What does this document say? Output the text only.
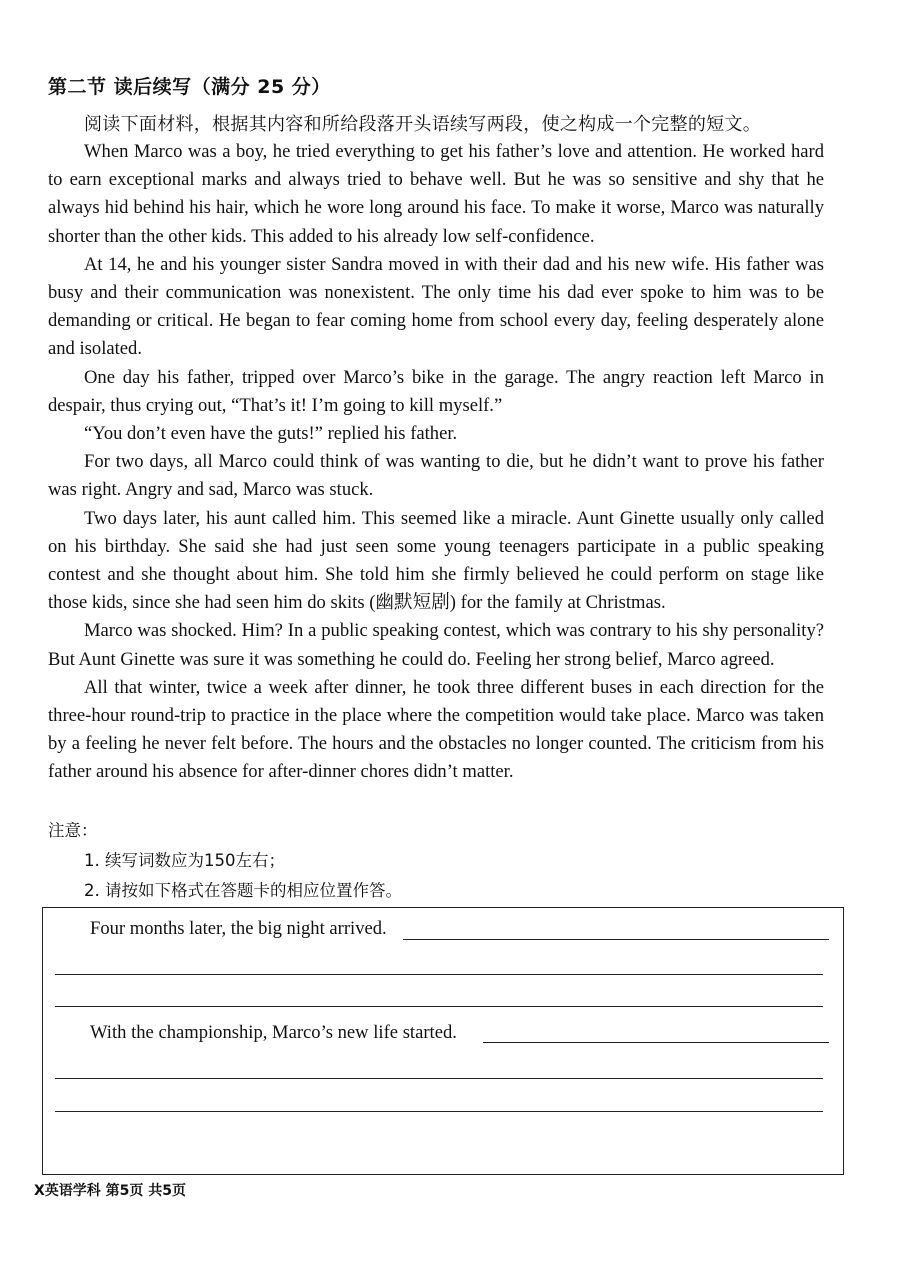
第二节 读后续写（满分 25 分）
阅读下面材料，根据其内容和所给段落开头语续写两段，使之构成一个完整的短文。

When Marco was a boy, he tried everything to get his father’s love and attention. He worked hard to earn exceptional marks and always tried to behave well. But he was so sensitive and shy that he always hid behind his hair, which he wore long around his face. To make it worse, Marco was naturally shorter than the other kids. This added to his already low self-confidence.

At 14, he and his younger sister Sandra moved in with their dad and his new wife. His father was busy and their communication was nonexistent. The only time his dad ever spoke to him was to be demanding or critical. He began to fear coming home from school every day, feeling desperately alone and isolated.

One day his father, tripped over Marco’s bike in the garage. The angry reaction left Marco in despair, thus crying out, “That’s it! I’m going to kill myself.”

“You don’t even have the guts!” replied his father.

For two days, all Marco could think of was wanting to die, but he didn’t want to prove his father was right. Angry and sad, Marco was stuck.

Two days later, his aunt called him. This seemed like a miracle. Aunt Ginette usually only called on his birthday. She said she had just seen some young teenagers participate in a public speaking contest and she thought about him. She told him she firmly believed he could perform on stage like those kids, since she had seen him do skits (幽默短剧) for the family at Christmas.

Marco was shocked. Him? In a public speaking contest, which was contrary to his shy personality? But Aunt Ginette was sure it was something he could do. Feeling her strong belief, Marco agreed.

All that winter, twice a week after dinner, he took three different buses in each direction for the three-hour round-trip to practice in the place where the competition would take place. Marco was taken by a feeling he never felt before. The hours and the obstacles no longer counted. The criticism from his father around his absence for after-dinner chores didn’t matter.

注意：
1. 续写词数应为150左右；
2. 请按如下格式在答题卡的相应位置作答。
Four months later, the big night arrived.
With the championship, Marco’s new life started.
X英语学科 第5页 共5页
